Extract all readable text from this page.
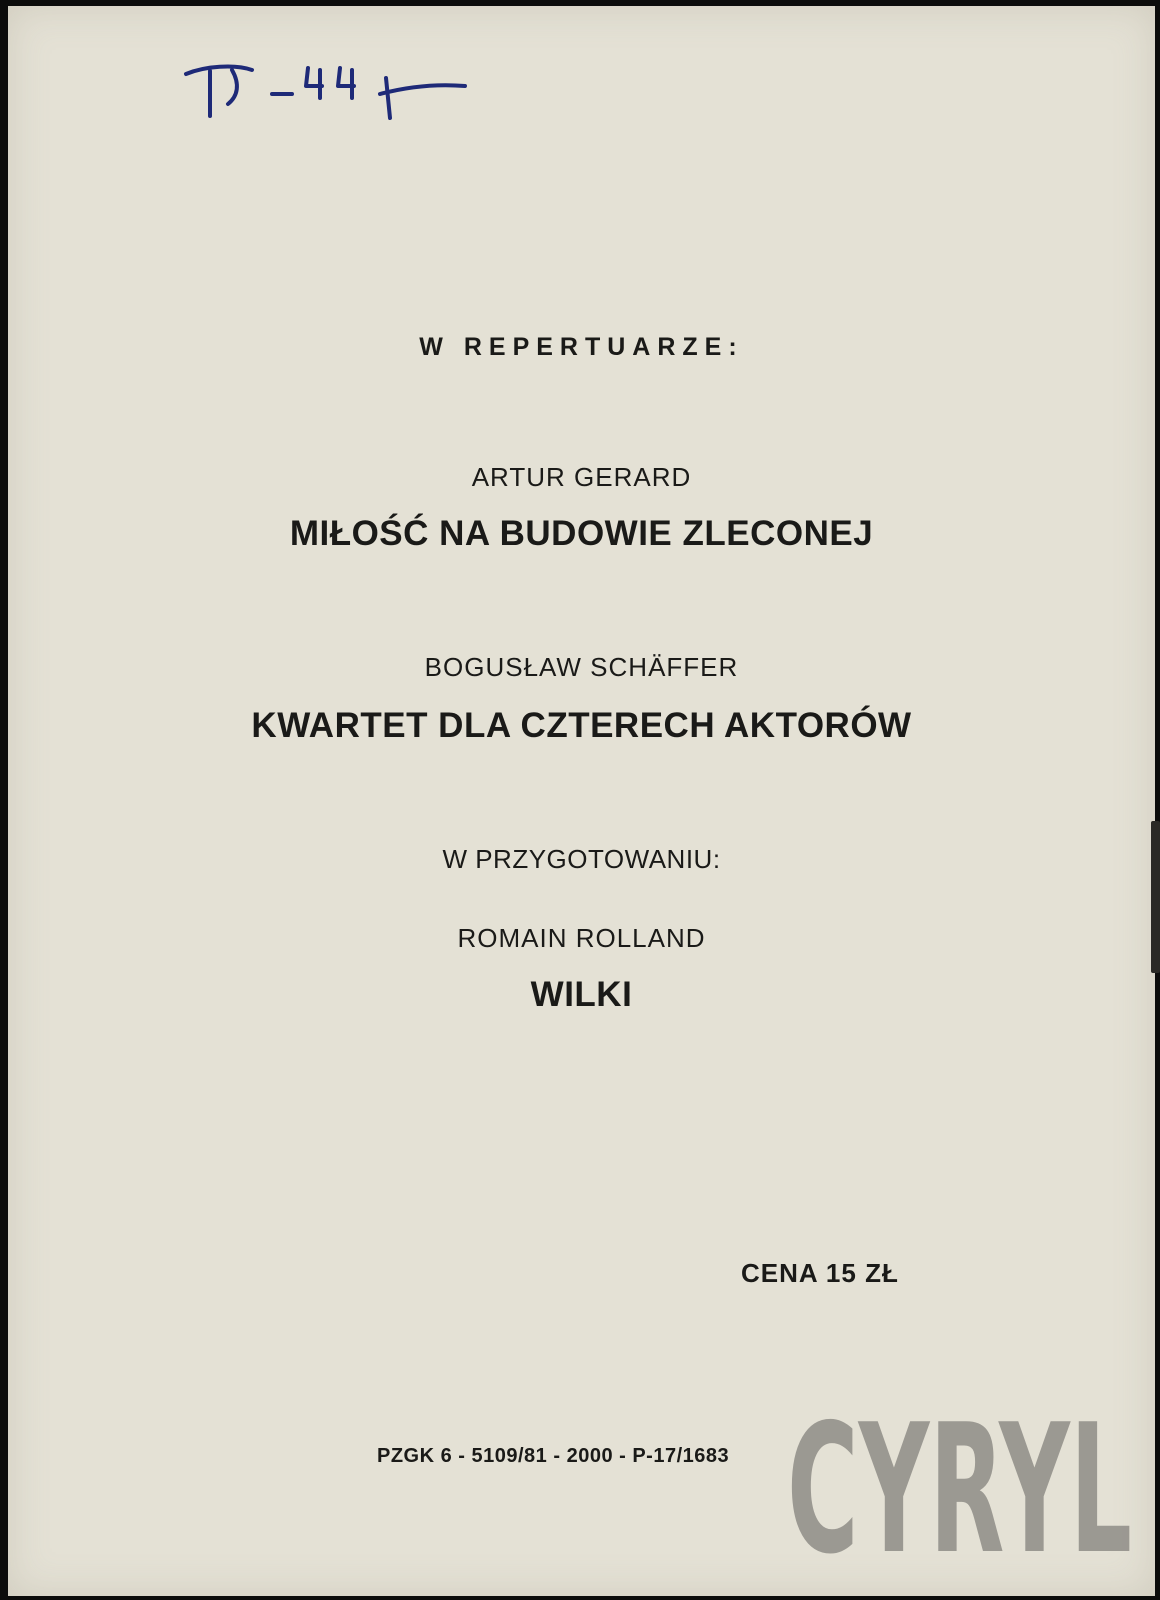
W REPERTUARZE:
ARTUR GERARD
MIŁOŚĆ NA BUDOWIE ZLECONEJ
BOGUSŁAW SCHÄFFER
KWARTET DLA CZTERECH AKTORÓW
W PRZYGOTOWANIU:
ROMAIN ROLLAND
WILKI
CENA 15 ZŁ
PZGK 6 - 5109/81 - 2000 - P-17/1683 CYRYL
